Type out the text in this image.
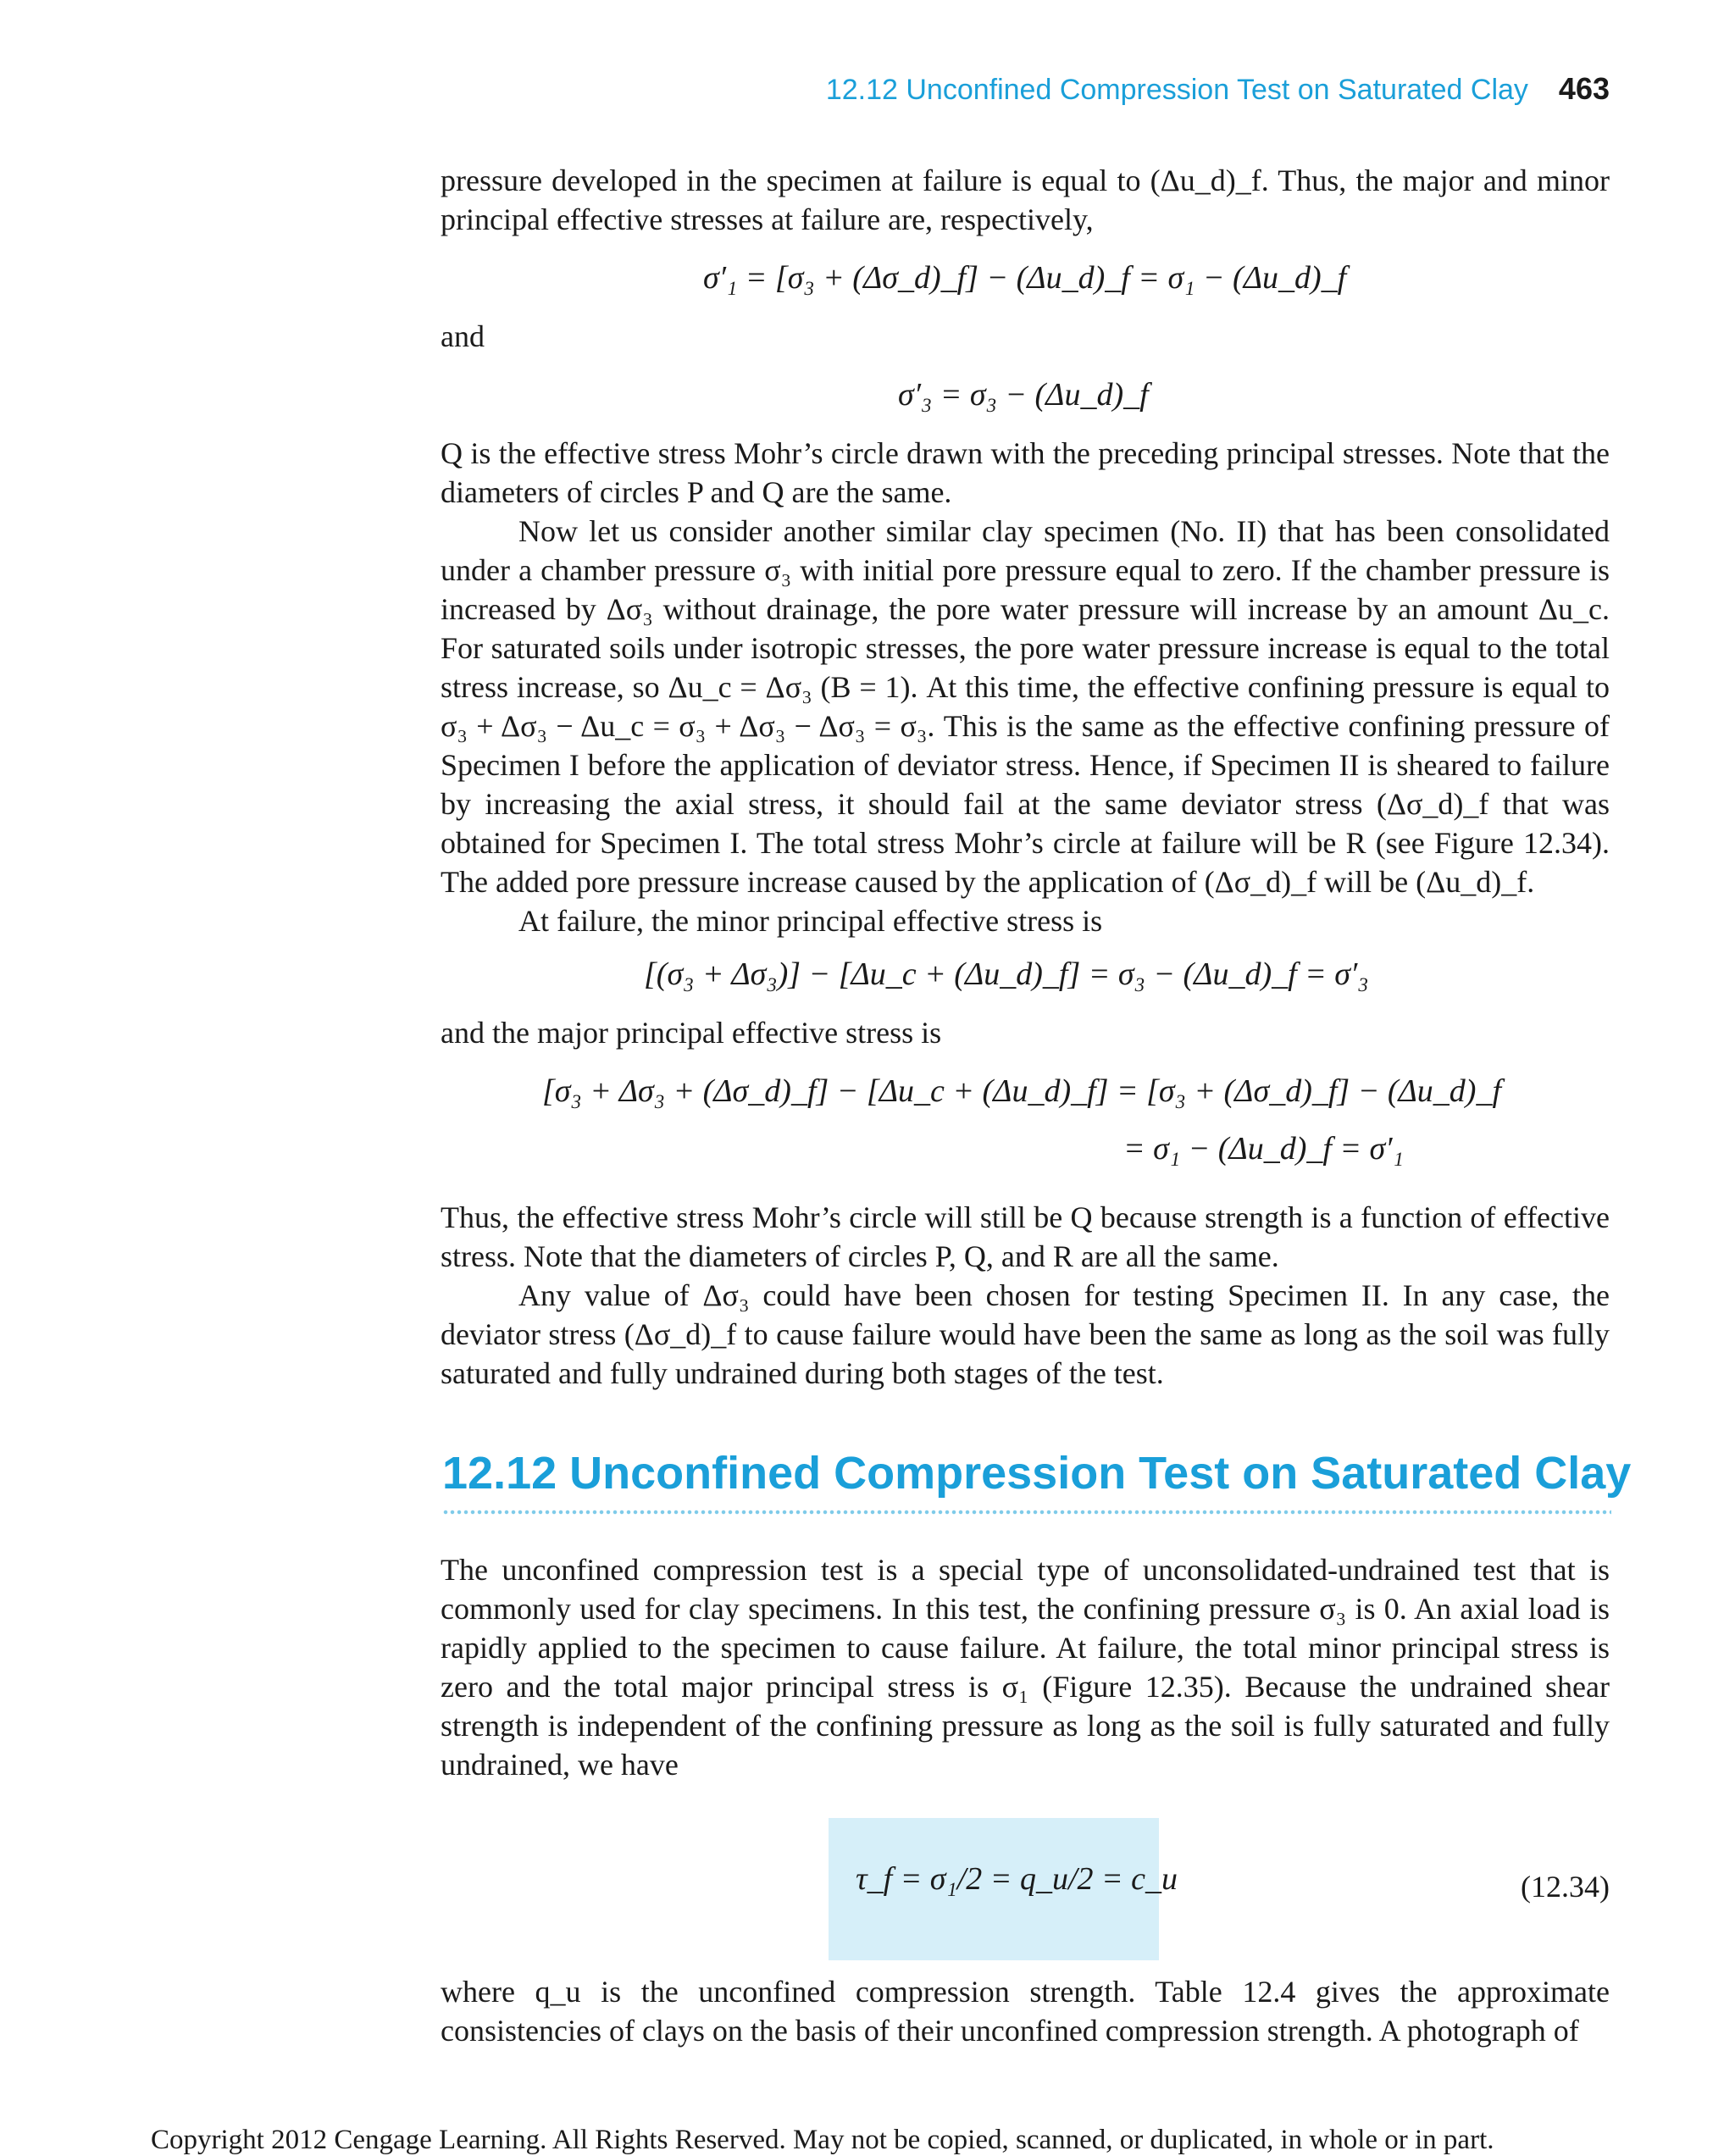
12.12 Unconfined Compression Test on Saturated Clay 463

pressure developed in the specimen at failure is equal to (Δu_d)_f. Thus, the major and minor principal effective stresses at failure are, respectively,

σ′₁ = [σ₃ + (Δσ_d)_f] − (Δu_d)_f = σ₁ − (Δu_d)_f

and

σ′₃ = σ₃ − (Δu_d)_f

Q is the effective stress Mohr’s circle drawn with the preceding principal stresses. Note that the diameters of circles P and Q are the same.

Now let us consider another similar clay specimen (No. II) that has been consolidated under a chamber pressure σ₃ with initial pore pressure equal to zero. If the chamber pressure is increased by Δσ₃ without drainage, the pore water pressure will increase by an amount Δu_c. For saturated soils under isotropic stresses, the pore water pressure increase is equal to the total stress increase, so Δu_c = Δσ₃ (B = 1). At this time, the effective confining pressure is equal to σ₃ + Δσ₃ − Δu_c = σ₃ + Δσ₃ − Δσ₃ = σ₃. This is the same as the effective confining pressure of Specimen I before the application of deviator stress. Hence, if Specimen II is sheared to failure by increasing the axial stress, it should fail at the same deviator stress (Δσ_d)_f that was obtained for Specimen I. The total stress Mohr’s circle at failure will be R (see Figure 12.34). The added pore pressure increase caused by the application of (Δσ_d)_f will be (Δu_d)_f.

At failure, the minor principal effective stress is

[(σ₃ + Δσ₃)] − [Δu_c + (Δu_d)_f] = σ₃ − (Δu_d)_f = σ′₃

and the major principal effective stress is

[σ₃ + Δσ₃ + (Δσ_d)_f] − [Δu_c + (Δu_d)_f] = [σ₃ + (Δσ_d)_f] − (Δu_d)_f
= σ₁ − (Δu_d)_f = σ′₁

Thus, the effective stress Mohr’s circle will still be Q because strength is a function of effective stress. Note that the diameters of circles P, Q, and R are all the same.

Any value of Δσ₃ could have been chosen for testing Specimen II. In any case, the deviator stress (Δσ_d)_f to cause failure would have been the same as long as the soil was fully saturated and fully undrained during both stages of the test.

12.12 Unconfined Compression Test on Saturated Clay

The unconfined compression test is a special type of unconsolidated-undrained test that is commonly used for clay specimens. In this test, the confining pressure σ₃ is 0. An axial load is rapidly applied to the specimen to cause failure. At failure, the total minor principal stress is zero and the total major principal stress is σ₁ (Figure 12.35). Because the undrained shear strength is independent of the confining pressure as long as the soil is fully saturated and fully undrained, we have

τ_f = σ₁/2 = q_u/2 = c_u	(12.34)

where q_u is the unconfined compression strength. Table 12.4 gives the approximate consistencies of clays on the basis of their unconfined compression strength. A photograph of

Copyright 2012 Cengage Learning. All Rights Reserved. May not be copied, scanned, or duplicated, in whole or in part.
